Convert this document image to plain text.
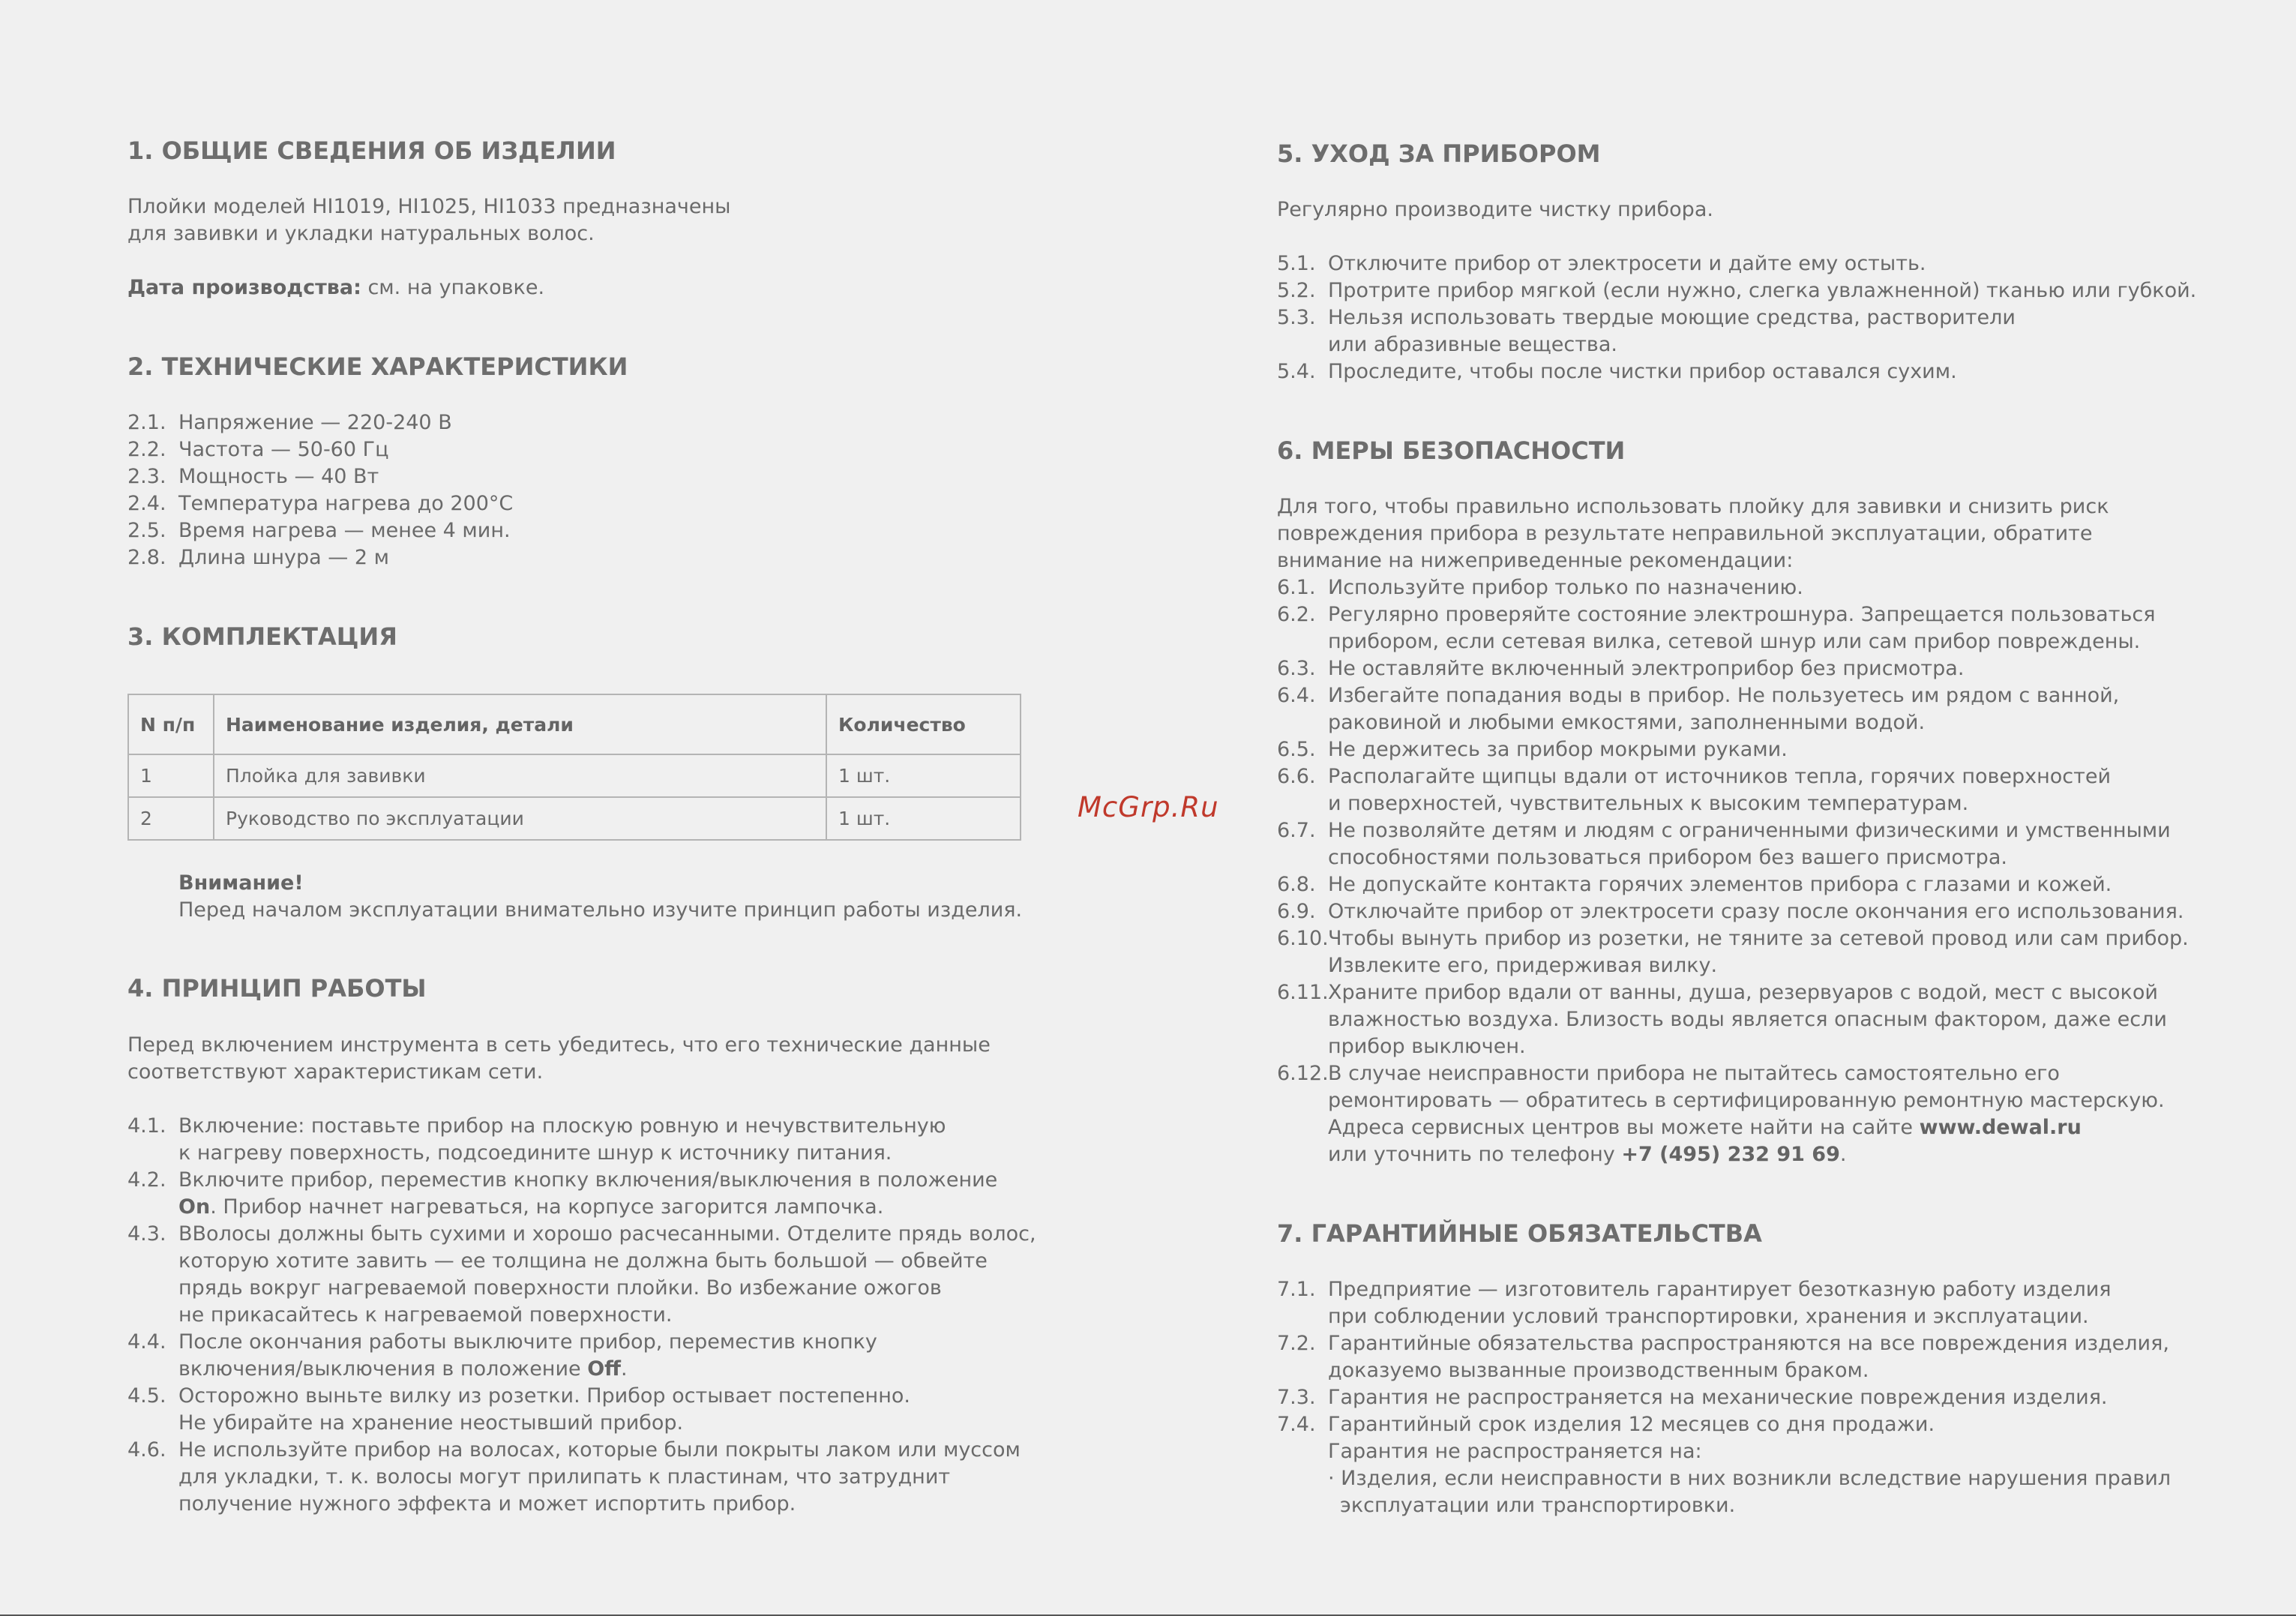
1. ОБЩИЕ СВЕДЕНИЯ ОБ ИЗДЕЛИИ
Плойки моделей HI1019, HI1025, HI1033 предназначены
для завивки и укладки натуральных волос.
Дата производства: см. на упаковке.
2. ТЕХНИЧЕСКИЕ ХАРАКТЕРИСТИКИ
2.1. Напряжение — 220-240 В
2.2. Частота — 50-60 Гц
2.3. Мощность — 40 Вт
2.4. Температура нагрева до 200°C
2.5. Время нагрева — менее 4 мин.
2.8. Длина шнура — 2 м
3. КОМПЛЕКТАЦИЯ
N п/п	Наименование изделия, детали	Количество
1	Плойка для завивки	1 шт.
2	Руководство по эксплуатации	1 шт.
Внимание!
Перед началом эксплуатации внимательно изучите принцип работы изделия.
4. ПРИНЦИП РАБОТЫ
Перед включением инструмента в сеть убедитесь, что его технические данные
соответствуют характеристикам сети.
4.1. Включение: поставьте прибор на плоскую ровную и нечувствительную
к нагреву поверхность, подсоедините шнур к источнику питания.
4.2. Включите прибор, переместив кнопку включения/выключения в положение
On. Прибор начнет нагреваться, на корпусе загорится лампочка.
4.3. ВВолосы должны быть сухими и хорошо расчесанными. Отделите прядь волос,
которую хотите завить — ее толщина не должна быть большой — обвейте
прядь вокруг нагреваемой поверхности плойки. Во избежание ожогов
не прикасайтесь к нагреваемой поверхности.
4.4. После окончания работы выключите прибор, переместив кнопку
включения/выключения в положение Off.
4.5. Осторожно выньте вилку из розетки. Прибор остывает постепенно.
Не убирайте на хранение неостывший прибор.
4.6. Не используйте прибор на волосах, которые были покрыты лаком или муссом
для укладки, т. к. волосы могут прилипать к пластинам, что затруднит
получение нужного эффекта и может испортить прибор.
McGrp.Ru
5. УХОД ЗА ПРИБОРОМ
Регулярно производите чистку прибора.
5.1. Отключите прибор от электросети и дайте ему остыть.
5.2. Протрите прибор мягкой (если нужно, слегка увлажненной) тканью или губкой.
5.3. Нельзя использовать твердые моющие средства, растворители
или абразивные вещества.
5.4. Проследите, чтобы после чистки прибор оставался сухим.
6. МЕРЫ БЕЗОПАСНОСТИ
Для того, чтобы правильно использовать плойку для завивки и снизить риск
повреждения прибора в результате неправильной эксплуатации, обратите
внимание на нижеприведенные рекомендации:
6.1. Используйте прибор только по назначению.
6.2. Регулярно проверяйте состояние электрошнура. Запрещается пользоваться
прибором, если сетевая вилка, сетевой шнур или сам прибор повреждены.
6.3. Не оставляйте включенный электроприбор без присмотра.
6.4. Избегайте попадания воды в прибор. Не пользуетесь им рядом с ванной,
раковиной и любыми емкостями, заполненными водой.
6.5. Не держитесь за прибор мокрыми руками.
6.6. Располагайте щипцы вдали от источников тепла, горячих поверхностей
и поверхностей, чувствительных к высоким температурам.
6.7. Не позволяйте детям и людям с ограниченными физическими и умственными
способностями пользоваться прибором без вашего присмотра.
6.8. Не допускайте контакта горячих элементов прибора с глазами и кожей.
6.9. Отключайте прибор от электросети сразу после окончания его использования.
6.10. Чтобы вынуть прибор из розетки, не тяните за сетевой провод или сам прибор.
Извлеките его, придерживая вилку.
6.11. Храните прибор вдали от ванны, душа, резервуаров с водой, мест с высокой
влажностью воздуха. Близость воды является опасным фактором, даже если
прибор выключен.
6.12. В случае неисправности прибора не пытайтесь самостоятельно его
ремонтировать — обратитесь в сертифицированную ремонтную мастерскую.
Адреса сервисных центров вы можете найти на сайте www.dewal.ru
или уточнить по телефону +7 (495) 232 91 69.
7. ГАРАНТИЙНЫЕ ОБЯЗАТЕЛЬСТВА
7.1. Предприятие — изготовитель гарантирует безотказную работу изделия
при соблюдении условий транспортировки, хранения и эксплуатации.
7.2. Гарантийные обязательства распространяются на все повреждения изделия,
доказуемо вызванные производственным браком.
7.3. Гарантия не распространяется на механические повреждения изделия.
7.4. Гарантийный срок изделия 12 месяцев со дня продажи.
Гарантия не распространяется на:
· Изделия, если неисправности в них возникли вследствие нарушения правил
эксплуатации или транспортировки.
